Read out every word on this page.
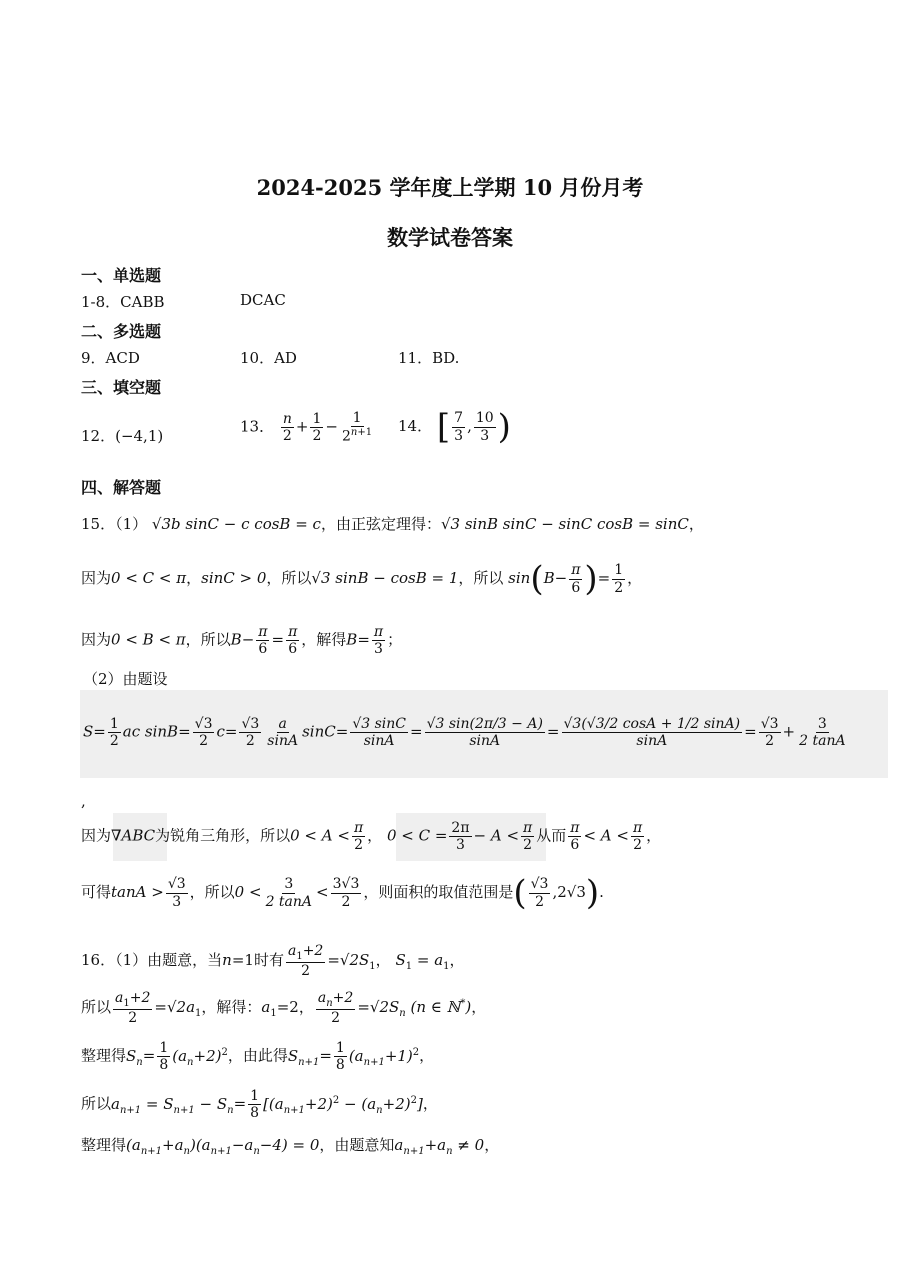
2024-2025 学年度上学期 10 月份月考
数学试卷答案
一、单选题
1-8．CABB	DCAC
二、多选题
9．ACD	10．AD	11．BD.
三、填空题
12．(−4,1)
13． $\frac{n}{2} + \frac{1}{2} - \frac{1}{2^{n+1}} 14$． [ $\frac{7}{3}$ , $\frac{10}{3}$ )
四、解答题
15．（1） √3b sinC − c cosB = c，由正弦定理得：√3 sinB sinC − sinC cosB = sinC，
因为0 < C < π，sinC > 0，所以√3 sinB − cosB = 1，所以 $\sin(B- \frac{\pi}{6}$ )= $\frac{1}{2}$ ，
因为0 < B < π，所以$B- \frac{\pi}{6} = \frac{\pi}{6}$ ，解得$B= \frac{\pi}{3}$ ；
（2）由题设
$S= \frac{1}{2}$ ac $\sin B= \frac{√3}{2} c= \frac{√3}{2} \frac{a}{\sin A} \sin C= \frac{√3 \sin C}{\sin A} = \frac{√3 \sin(2\pi/3 - A)}{\sin A} = \frac{√3(√3/2 \cos A + 1/2 \sin A)}{\sin A} = \frac{√3}{2} + \frac{3}{2 \tan A}$
,
因为∇ABC为锐角三角形，所以$0 < A < \frac{\pi}{2}$ ， $0 < C = \frac{2\pi}{3} - A < \frac{\pi}{2}$ 从而 $\frac{\pi}{6} < A < \frac{\pi}{2}$ ，
可得$\tan A > \frac{√3}{3}$ ，所以$0 < \frac{3}{2 \tan A} < \frac{3√3}{2}$ ，则面积的取值范围是( $\frac{√3}{2} ,2√3$).
16．（1）由题意，当n=1时有 $\frac{a_1+2}{2} =√2S_1$， $S_1 = a_1$，
所以 $\frac{a_1+2}{2} =√2a_1$，解得：$a_1=2$， $\frac{a_n+2}{2} =√2S_n$ (n ∈ ℕ*)，
整理得$S_n= \frac{1}{8} (a_n+2)^2$，由此得$S_{n+1}= \frac{1}{8} (a_{n+1}+1)^2$，
所以$a_{n+1} = S_{n+1} - S_n= \frac{1}{8} [(a_{n+1}+2)^2 - (a_n+2)^2]$，
整理得$(a_{n+1}+a_n)(a_{n+1}-a_n-4) = 0$，由题意知$a_{n+1}+a_n \ne 0$，
